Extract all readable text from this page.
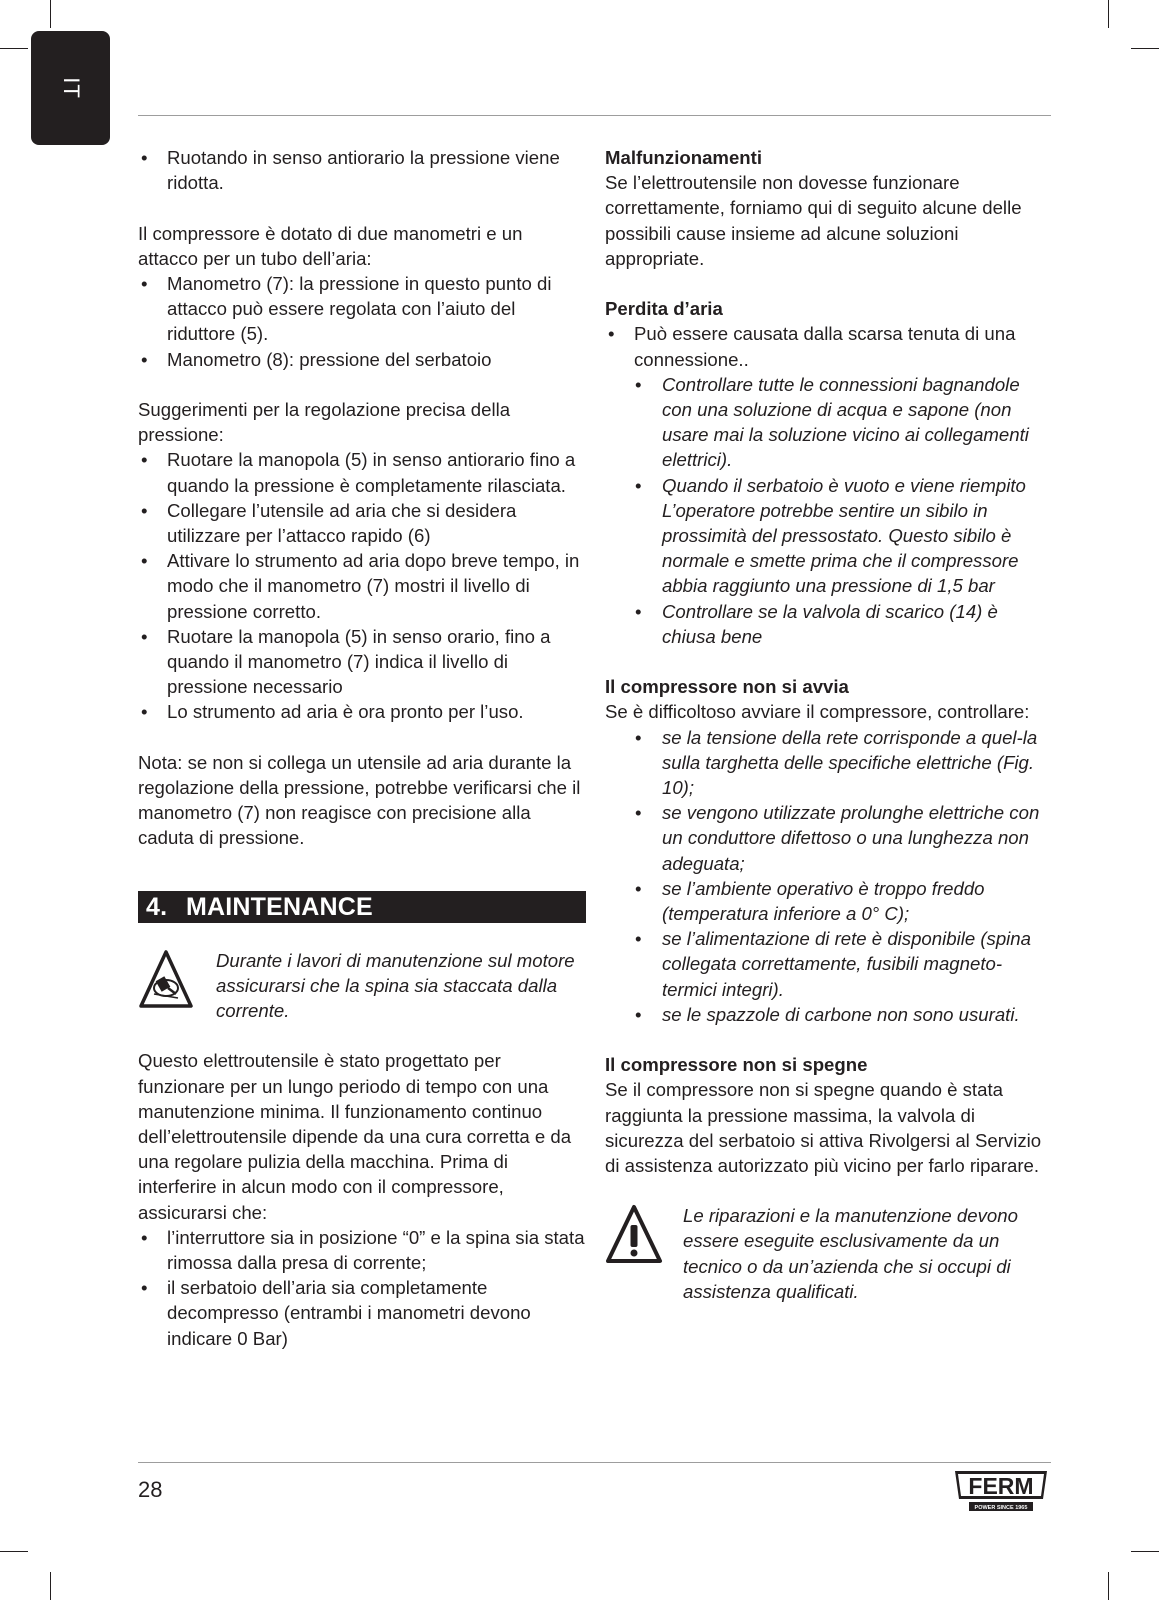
IT
• Ruotando in senso antiorario la pressione viene ridotta.

Il compressore è dotato di due manometri e un attacco per un tubo dell’aria:

• Manometro (7): la pressione in questo punto di attacco può essere regolata con l’aiuto del riduttore (5).
• Manometro (8): pressione del serbatoio

Suggerimenti per la regolazione precisa della pressione:

• Ruotare la manopola (5) in senso antiorario fino a quando la pressione è completamente rilasciata.
• Collegare l’utensile ad aria che si desidera utilizzare per l’attacco rapido (6)
• Attivare lo strumento ad aria dopo breve tempo, in modo che il manometro (7) mostri il livello di pressione corretto.
• Ruotare la manopola (5) in senso orario, fino a quando il manometro (7) indica il livello di pressione necessario
• Lo strumento ad aria è ora pronto per l’uso.

Nota: se non si collega un utensile ad aria durante la regolazione della pressione, potrebbe verificarsi che il manometro (7) non reagisce con precisione alla caduta di pressione.

4. MAINTENANCE

Durante i lavori di manutenzione sul motore assicurarsi che la spina sia staccata dalla corrente.

Questo elettroutensile è stato progettato per funzionare per un lungo periodo di tempo con una manutenzione minima. Il funzionamento continuo dell’elettroutensile dipende da una cura corretta e da una regolare pulizia della macchina. Prima di interferire in alcun modo con il compressore, assicurarsi che:

• l’interruttore sia in posizione “0” e la spina sia stata rimossa dalla presa di corrente;
• il serbatoio dell’aria sia completamente decompresso (entrambi i manometri devono indicare 0 Bar)
Malfunzionamenti

Se l’elettroutensile non dovesse funzionare correttamente, forniamo qui di seguito alcune delle possibili cause insieme ad alcune soluzioni appropriate.

Perdita d’aria
• Può essere causata dalla scarsa tenuta di una connessione..
• Controllare tutte le connessioni bagnandole con una soluzione di acqua e sapone (non usare mai la soluzione vicino ai collegamenti elettrici).
• Quando il serbatoio è vuoto e viene riempito L’operatore potrebbe sentire un sibilo in prossimità del pressostato. Questo sibilo è normale e smette prima che il compressore abbia raggiunto una pressione di 1,5 bar
• Controllare se la valvola di scarico (14) è chiusa bene
Il compressore non si avvia

Se è difficoltoso avviare il compressore, controllare:

• se la tensione della rete corrisponde a quel-la sulla targhetta delle specifiche elettriche (Fig. 10);
• se vengono utilizzate prolunghe elettriche con un conduttore difettoso o una lunghezza non adeguata;
• se l’ambiente operativo è troppo freddo (temperatura inferiore a 0° C);
• se l’alimentazione di rete è disponibile (spina collegata correttamente, fusibili magneto-termici integri).
• se le spazzole di carbone non sono usurati.
Il compressore non si spegne

Se il compressore non si spegne quando è stata raggiunta la pressione massima, la valvola di sicurezza del serbatoio si attiva Rivolgersi al Servizio di assistenza autorizzato più vicino per farlo riparare.

Le riparazioni e la manutenzione devono essere eseguite esclusivamente da un tecnico o da un’azienda che si occupi di assistenza qualificati.

28	FERM
POWER SINCE 1965
